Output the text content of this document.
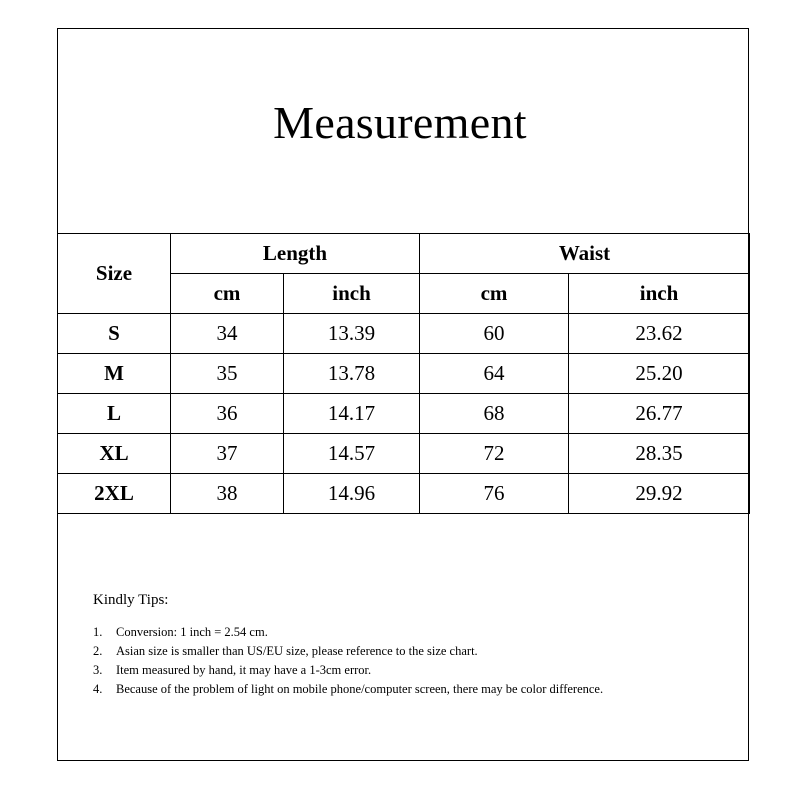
Measurement
Size	Length		Waist	
	cm	inch	cm	inch
S	34	13.39	60	23.62
M	35	13.78	64	25.20
L	36	14.17	68	26.77
XL	37	14.57	72	28.35
2XL	38	14.96	76	29.92
Kindly Tips:
1. Conversion: 1 inch = 2.54 cm.
2. Asian size is smaller than US/EU size, please reference to the size chart.
3. Item measured by hand, it may have a 1-3cm error.
4. Because of the problem of light on mobile phone/computer screen, there may be color difference.
